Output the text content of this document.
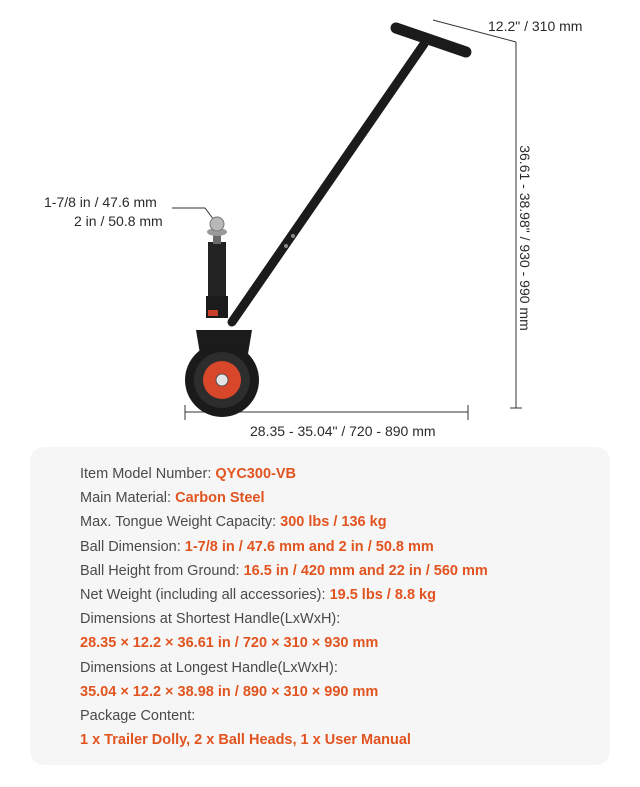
12.2" / 310 mm
36.61 - 38.98" / 930 - 990 mm
28.35 - 35.04" / 720 - 890 mm
1-7/8 in / 47.6 mm
2 in / 50.8 mm
Item Model Number: QYC300-VB
Main Material: Carbon Steel
Max. Tongue Weight Capacity: 300 lbs / 136 kg
Ball Dimension: 1-7/8 in / 47.6 mm and 2 in / 50.8 mm
Ball Height from Ground: 16.5 in / 420 mm and 22 in / 560 mm
Net Weight (including all accessories): 19.5 lbs / 8.8 kg
Dimensions at Shortest Handle(LxWxH):
28.35 × 12.2 × 36.61 in / 720 × 310 × 930 mm
Dimensions at Longest Handle(LxWxH):
35.04 × 12.2 × 38.98 in / 890 × 310 × 990 mm
Package Content:
1 x Trailer Dolly, 2 x Ball Heads, 1 x User Manual
